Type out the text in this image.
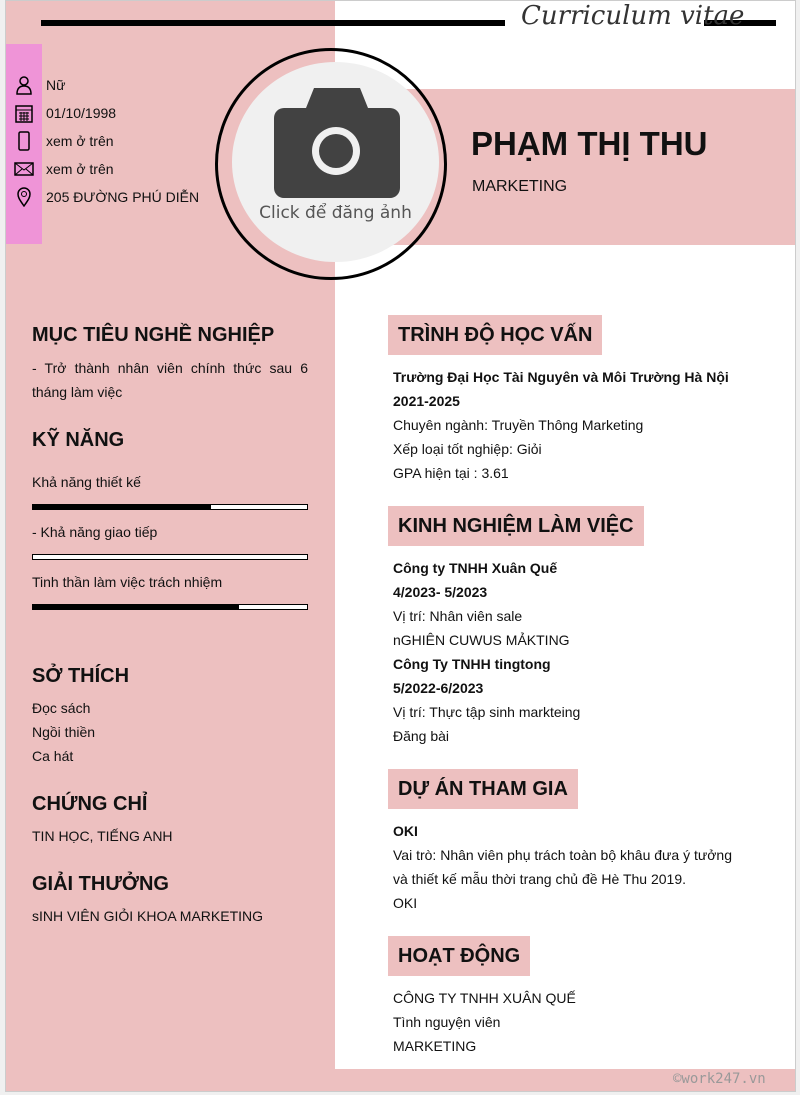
Curriculum vitae
Nữ
01/10/1998
xem ở trên
xem ở trên
205 ĐƯỜNG PHÚ DIỄN
Click để đăng ảnh
PHẠM THỊ THU
MARKETING
MỤC TIÊU NGHỀ NGHIỆP
- Trở thành nhân viên chính thức sau 6 tháng làm việc
KỸ NĂNG
Khả năng thiết kế
- Khả năng giao tiếp
Tinh thần làm việc trách nhiệm
SỞ THÍCH
Đọc sách
Ngồi thiền
Ca hát
CHỨNG CHỈ
TIN HỌC, TIẾNG ANH
GIẢI THƯỞNG
sINH VIÊN GIỎI KHOA MARKETING
TRÌNH ĐỘ HỌC VẤN
Trường Đại Học Tài Nguyên và Môi Trường Hà Nội
2021-2025
Chuyên ngành: Truyền Thông Marketing
Xếp loại tốt nghiệp: Giỏi
GPA hiện tại : 3.61
KINH NGHIỆM LÀM VIỆC
Công ty TNHH Xuân Quế
4/2023- 5/2023
Vị trí: Nhân viên sale
nGHIÊN CUWUS MẢKTING
Công Ty TNHH tingtong
5/2022-6/2023
Vị trí: Thực tập sinh markteing
Đăng bài
DỰ ÁN THAM GIA
OKI
Vai trò: Nhân viên phụ trách toàn bộ khâu đưa ý tưởng
và thiết kế mẫu thời trang chủ đề Hè Thu 2019.
OKI
HOẠT ĐỘNG
CÔNG TY TNHH XUÂN QUẾ
Tình nguyện viên
MARKETING
©work247.vn
